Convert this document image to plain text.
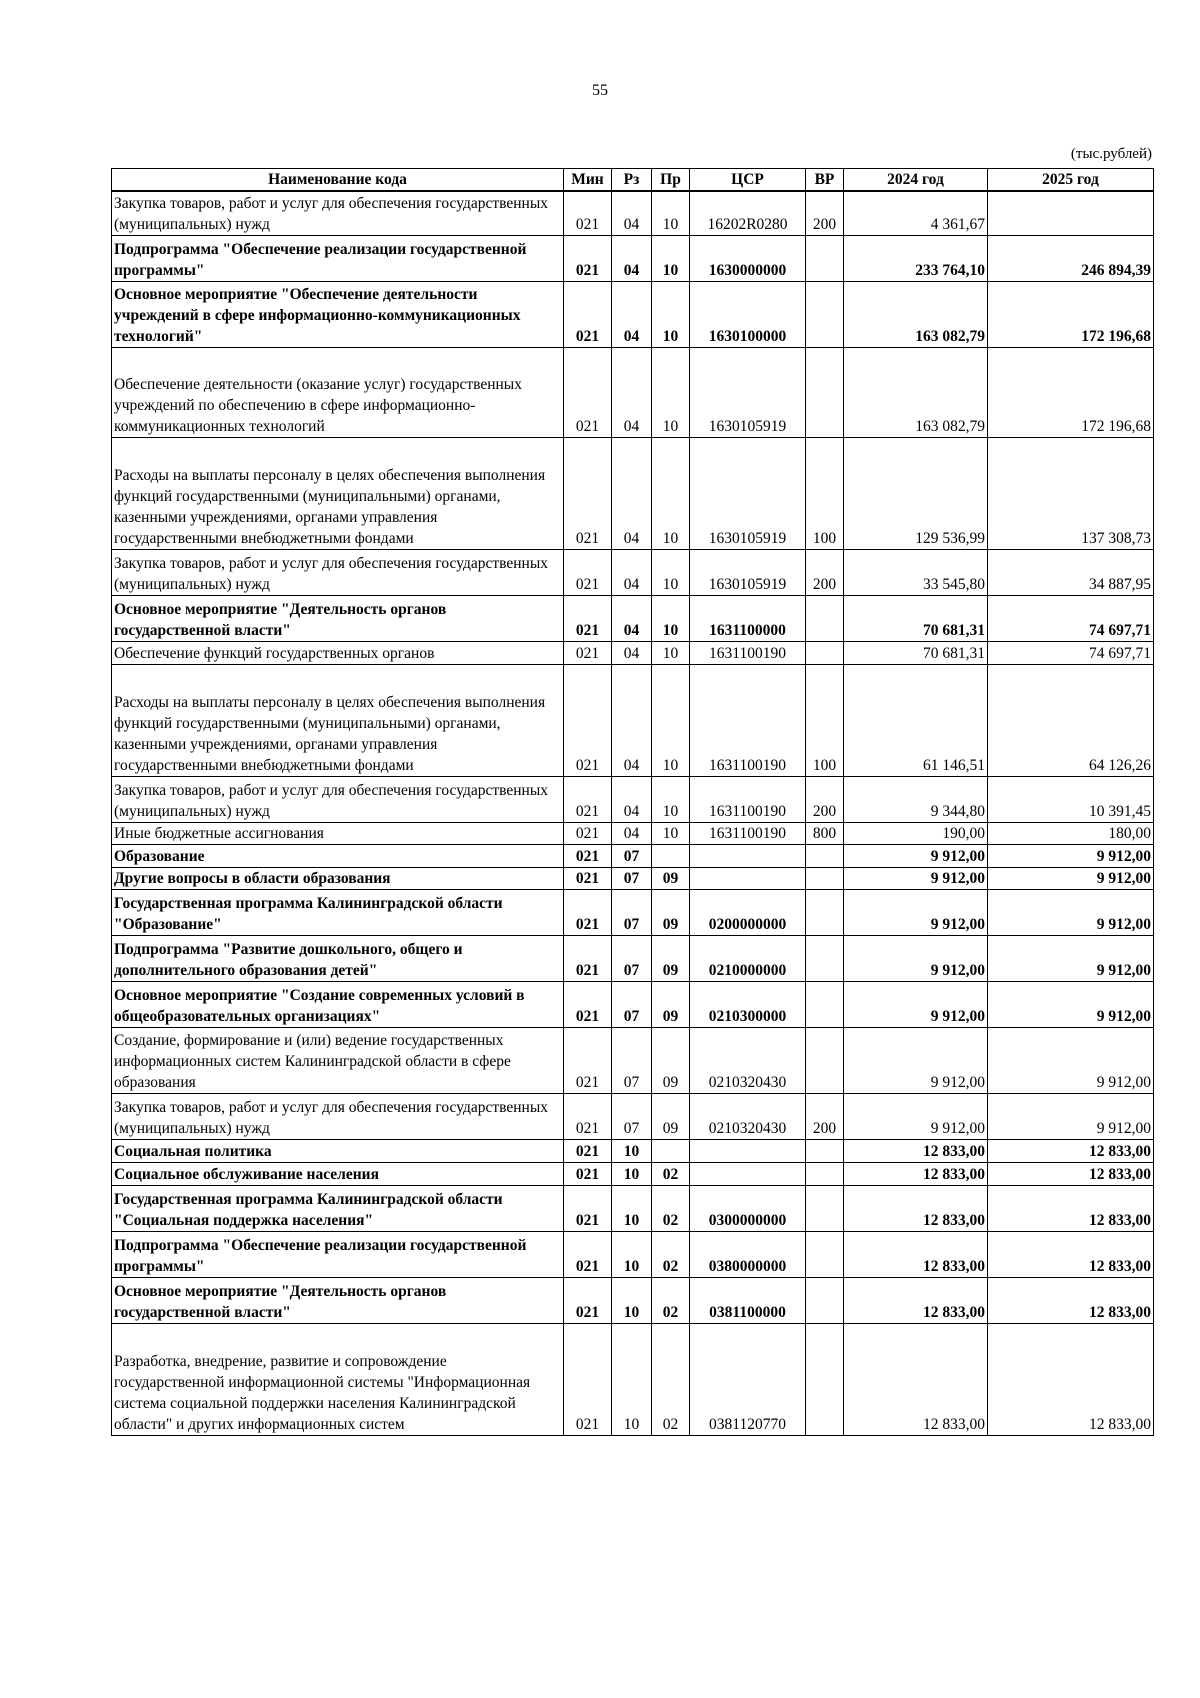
55
(тыс.рублей)
Наименование кода	Мин	Рз	Пр	ЦСР	ВР	2024 год	2025 год
Закупка товаров, работ и услуг для обеспечения государственных (муниципальных) нужд	021	04	10	16202R0280	200	4 361,67	
Подпрограмма "Обеспечение реализации государственной программы"	021	04	10	1630000000		233 764,10	246 894,39
Основное мероприятие "Обеспечение деятельности учреждений в сфере информационно-коммуникационных технологий"	021	04	10	1630100000		163 082,79	172 196,68
Обеспечение деятельности (оказание услуг) государственных учреждений по обеспечению в сфере информационно-коммуникационных технологий	021	04	10	1630105919		163 082,79	172 196,68
Расходы на выплаты персоналу в целях обеспечения выполнения функций государственными (муниципальными) органами, казенными учреждениями, органами управления государственными внебюджетными фондами	021	04	10	1630105919	100	129 536,99	137 308,73
Закупка товаров, работ и услуг для обеспечения государственных (муниципальных) нужд	021	04	10	1630105919	200	33 545,80	34 887,95
Основное мероприятие "Деятельность органов государственной власти"	021	04	10	1631100000		70 681,31	74 697,71
Обеспечение функций государственных органов	021	04	10	1631100190		70 681,31	74 697,71
Расходы на выплаты персоналу в целях обеспечения выполнения функций государственными (муниципальными) органами, казенными учреждениями, органами управления государственными внебюджетными фондами	021	04	10	1631100190	100	61 146,51	64 126,26
Закупка товаров, работ и услуг для обеспечения государственных (муниципальных) нужд	021	04	10	1631100190	200	9 344,80	10 391,45
Иные бюджетные ассигнования	021	04	10	1631100190	800	190,00	180,00
Образование	021	07				9 912,00	9 912,00
Другие вопросы в области образования	021	07	09			9 912,00	9 912,00
Государственная программа Калининградской области "Образование"	021	07	09	0200000000		9 912,00	9 912,00
Подпрограмма "Развитие дошкольного, общего и дополнительного образования детей"	021	07	09	0210000000		9 912,00	9 912,00
Основное мероприятие "Создание современных условий в общеобразовательных организациях"	021	07	09	0210300000		9 912,00	9 912,00
Создание, формирование и (или) ведение государственных информационных систем Калининградской области в сфере образования	021	07	09	0210320430		9 912,00	9 912,00
Закупка товаров, работ и услуг для обеспечения государственных (муниципальных) нужд	021	07	09	0210320430	200	9 912,00	9 912,00
Социальная политика	021	10				12 833,00	12 833,00
Социальное обслуживание населения	021	10	02			12 833,00	12 833,00
Государственная программа Калининградской области "Социальная поддержка населения"	021	10	02	0300000000		12 833,00	12 833,00
Подпрограмма "Обеспечение реализации государственной программы"	021	10	02	0380000000		12 833,00	12 833,00
Основное мероприятие "Деятельность органов государственной власти"	021	10	02	0381100000		12 833,00	12 833,00
Разработка, внедрение, развитие и сопровождение государственной информационной системы "Информационная система социальной поддержки населения Калининградской области" и других информационных систем	021	10	02	0381120770		12 833,00	12 833,00
